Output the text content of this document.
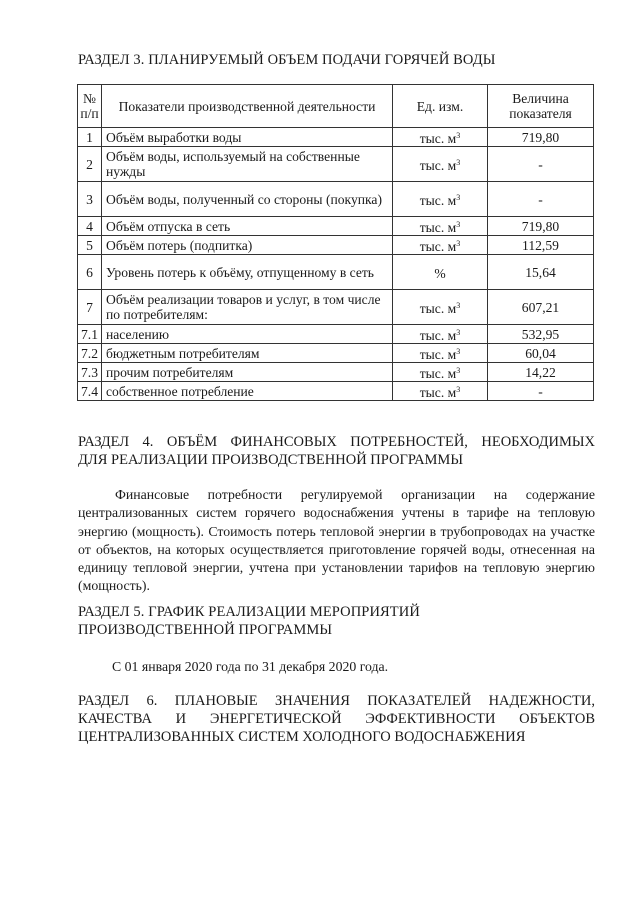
РАЗДЕЛ 3. ПЛАНИРУЕМЫЙ ОБЪЕМ ПОДАЧИ ГОРЯЧЕЙ ВОДЫ
№ п/п	Показатели производственной деятельности	Ед. изм.	Величина показателя
1	Объём выработки воды	тыс. $м^3$	719,80
2	Объём воды, используемый на собственные нужды	тыс. $м^3$	-
3	Объём воды, полученный со стороны (покупка)	тыс. $м^3$	-
4	Объём отпуска в сеть	тыс. $м^3$	719,80
5	Объём потерь (подпитка)	тыс. $м^3$	112,59
6	Уровень потерь к объёму, отпущенному в сеть	%	15,64
7	Объём реализации товаров и услуг, в том числе по потребителям:	тыс. $м^3$	607,21
7.1	населению	тыс. $м^3$	532,95
7.2	бюджетным потребителям	тыс. $м^3$	60,04
7.3	прочим потребителям	тыс. $м^3$	14,22
7.4	собственное потребление	тыс. $м^3$	-
РАЗДЕЛ 4. ОБЪЁМ ФИНАНСОВЫХ ПОТРЕБНОСТЕЙ, НЕОБХОДИМЫХ
ДЛЯ РЕАЛИЗАЦИИ ПРОИЗВОДСТВЕННОЙ ПРОГРАММЫ
Финансовые потребности регулируемой организации на содержание централизованных систем горячего водоснабжения учтены в тарифе на тепловую энергию (мощность). Стоимость потерь тепловой энергии в трубопроводах на участке от объектов, на которых осуществляется приготовление горячей воды, отнесенная на единицу тепловой энергии, учтена при установлении тарифов на тепловую энергию (мощность).
РАЗДЕЛ 5. ГРАФИК РЕАЛИЗАЦИИ МЕРОПРИЯТИЙ
ПРОИЗВОДСТВЕННОЙ ПРОГРАММЫ
С 01 января 2020 года по 31 декабря 2020 года.
РАЗДЕЛ 6. ПЛАНОВЫЕ ЗНАЧЕНИЯ ПОКАЗАТЕЛЕЙ НАДЕЖНОСТИ,
КАЧЕСТВА И ЭНЕРГЕТИЧЕСКОЙ ЭФФЕКТИВНОСТИ ОБЪЕКТОВ
ЦЕНТРАЛИЗОВАННЫХ СИСТЕМ ХОЛОДНОГО ВОДОСНАБЖЕНИЯ
